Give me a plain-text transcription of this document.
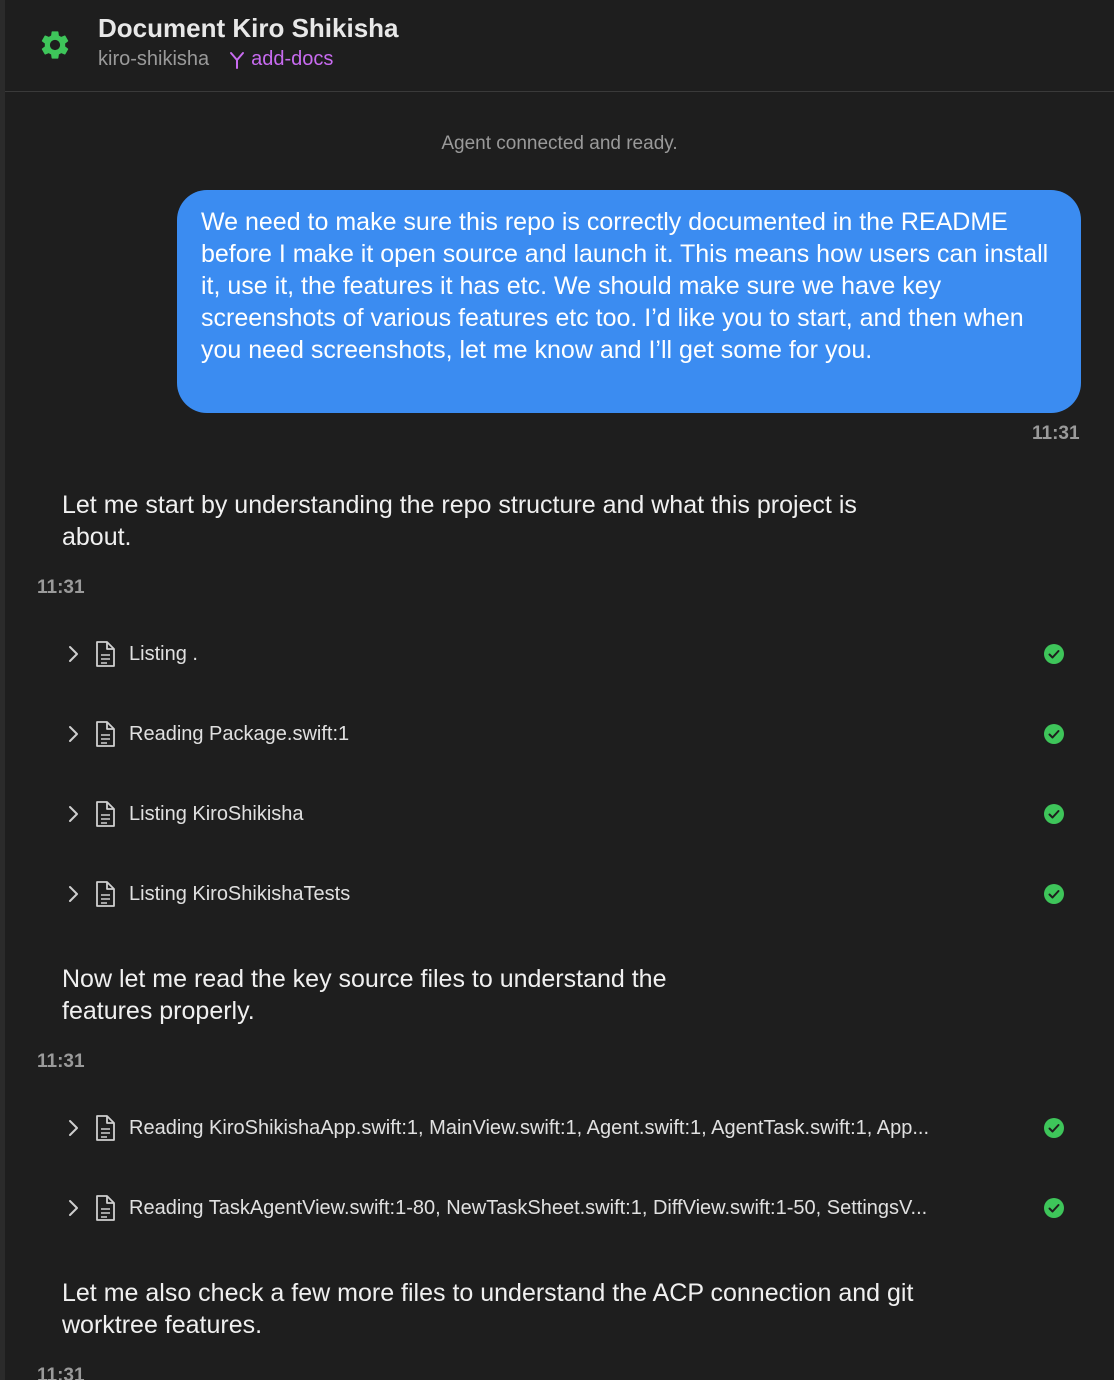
Document Kiro Shikisha
kiro-shikisha add-docs
Agent connected and ready.
We need to make sure this repo is correctly documented in the README before I make it open source and launch it. This means how users can install it, use it, the features it has etc. We should make sure we have key screenshots of various features etc too. I’d like you to start, and then when you need screenshots, let me know and I’ll get some for you.
11:31
Let me start by understanding the repo structure and what this project is about.
11:31
Listing .
Reading Package.swift:1
Listing KiroShikisha
Listing KiroShikishaTests
Now let me read the key source files to understand the features properly.
11:31
Reading KiroShikishaApp.swift:1, MainView.swift:1, Agent.swift:1, AgentTask.swift:1, App...
Reading TaskAgentView.swift:1-80, NewTaskSheet.swift:1, DiffView.swift:1-50, SettingsV...
Let me also check a few more files to understand the ACP connection and git worktree features.
11:31
